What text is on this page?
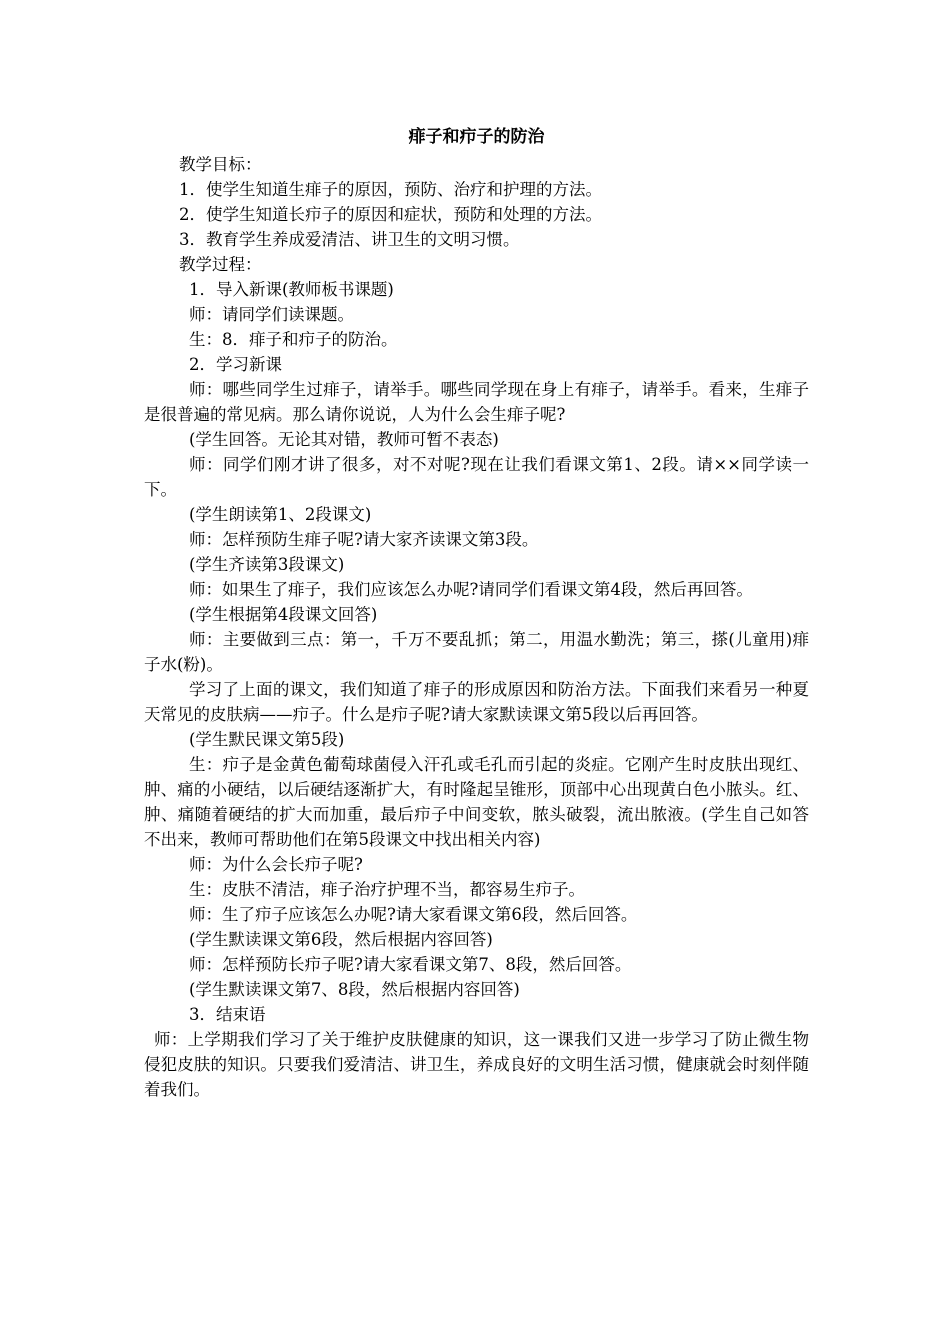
痱子和疖子的防治

教学目标：

1．使学生知道生痱子的原因，预防、治疗和护理的方法。

2．使学生知道长疖子的原因和症状，预防和处理的方法。

3．教育学生养成爱清洁、讲卫生的文明习惯。

教学过程：

1．导入新课(教师板书课题)

师：请同学们读课题。

生：8．痱子和疖子的防治。

2．学习新课

师：哪些同学生过痱子，请举手。哪些同学现在身上有痱子，请举手。看来，生痱子是很普遍的常见病。那么请你说说，人为什么会生痱子呢?

(学生回答。无论其对错，教师可暂不表态)

师：同学们刚才讲了很多，对不对呢?现在让我们看课文第1、2段。请××同学读一下。

(学生朗读第1、2段课文)

师：怎样预防生痱子呢?请大家齐读课文第3段。

(学生齐读第3段课文)

师：如果生了痱子，我们应该怎么办呢?请同学们看课文第4段，然后再回答。

(学生根据第4段课文回答)

师：主要做到三点：第一，千万不要乱抓；第二，用温水勤洗；第三，搽(儿童用)痱子水(粉)。

学习了上面的课文，我们知道了痱子的形成原因和防治方法。下面我们来看另一种夏天常见的皮肤病——疖子。什么是疖子呢?请大家默读课文第5段以后再回答。

(学生默民课文第5段)

生：疖子是金黄色葡萄球菌侵入汗孔或毛孔而引起的炎症。它刚产生时皮肤出现红、肿、痛的小硬结，以后硬结逐渐扩大，有时隆起呈锥形，顶部中心出现黄白色小脓头。红、肿、痛随着硬结的扩大而加重，最后疖子中间变软，脓头破裂，流出脓液。(学生自己如答不出来，教师可帮助他们在第5段课文中找出相关内容)

师：为什么会长疖子呢?

生：皮肤不清洁，痱子治疗护理不当，都容易生疖子。

师：生了疖子应该怎么办呢?请大家看课文第6段，然后回答。

(学生默读课文第6段，然后根据内容回答)

师：怎样预防长疖子呢?请大家看课文第7、8段，然后回答。

(学生默读课文第7、8段，然后根据内容回答)

3．结束语

师：上学期我们学习了关于维护皮肤健康的知识，这一课我们又进一步学习了防止微生物侵犯皮肤的知识。只要我们爱清洁、讲卫生，养成良好的文明生活习惯，健康就会时刻伴随着我们。
